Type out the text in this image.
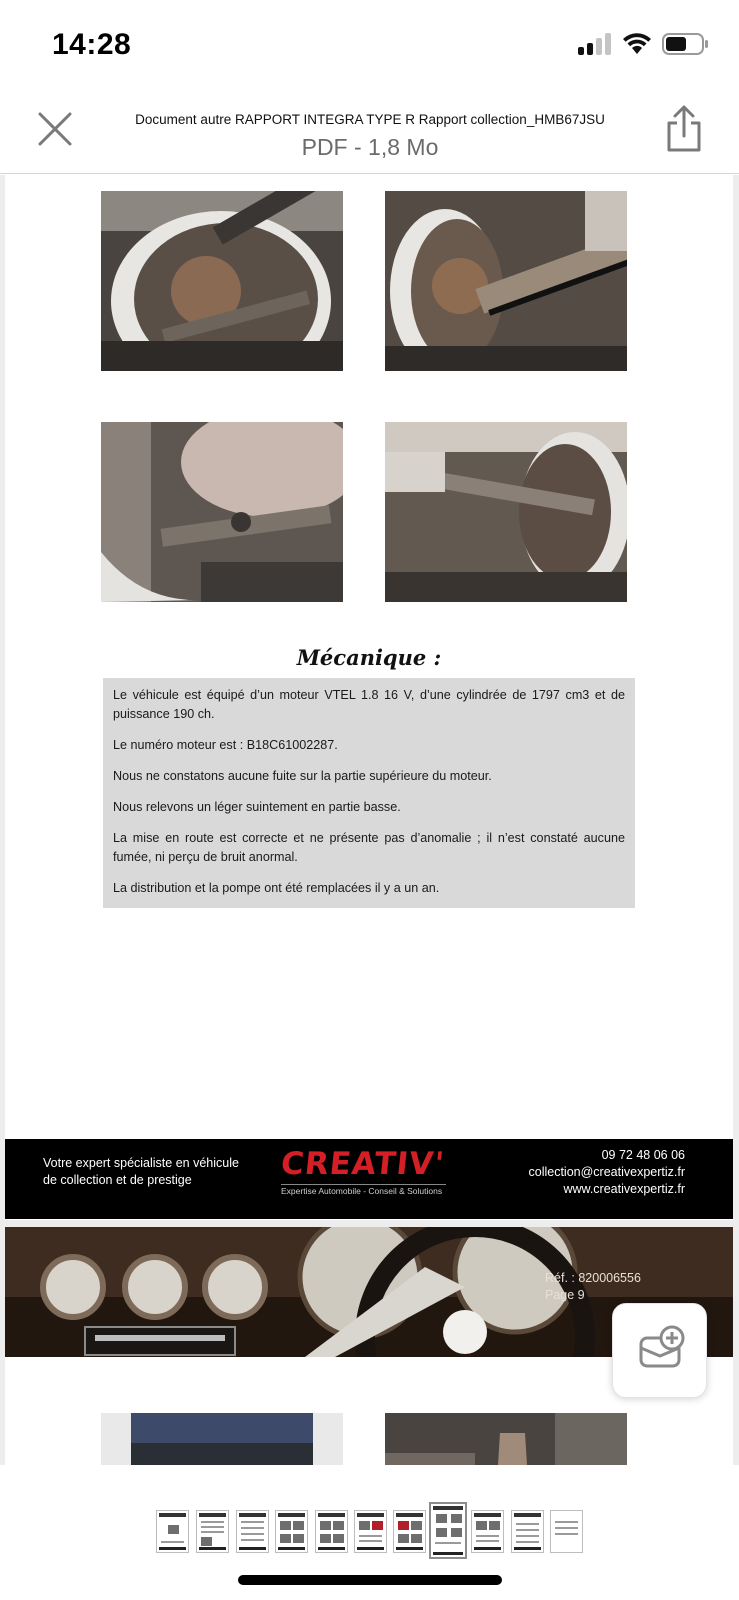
14:28
Document autre RAPPORT INTEGRA TYPE R Rapport collection_HMB67JSU
PDF - 1,8 Mo
Mécanique :

Le véhicule est équipé d’un moteur VTEL 1.8 16 V, d’une cylindrée de 1797 cm3 et de puissance 190 ch.

Le numéro moteur est : B18C61002287.

Nous ne constatons aucune fuite sur la partie supérieure du moteur.

Nous relevons un léger suintement en partie basse.

La mise en route est correcte et ne présente pas d’anomalie ; il n’est constaté aucune fumée, ni perçu de bruit anormal.

La distribution et la pompe ont été remplacées il y a un an.

Votre expert spécialiste en véhicule
de collection et de prestige	CREATIV'
Expertise Automobile - Conseil & Solutions
09 72 48 06 06
collection@creativexpertiz.fr
www.creativexpertiz.fr
Réf. : 820006556
Page 9
